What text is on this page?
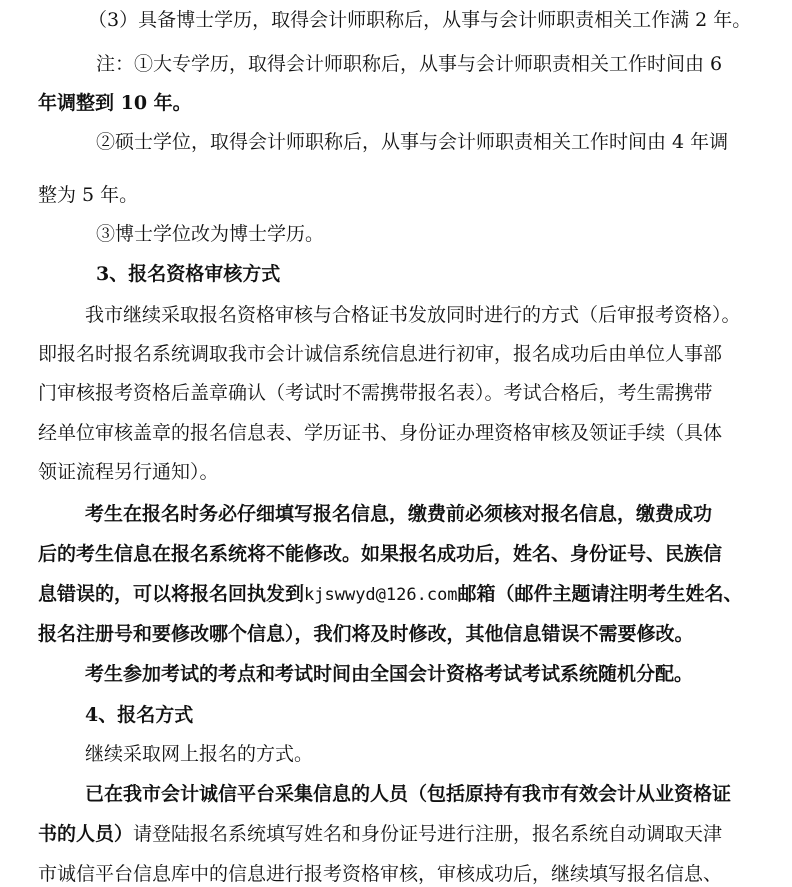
（3）具备博士学历，取得会计师职称后，从事与会计师职责相关工作满 2 年。
注：①大专学历，取得会计师职称后，从事与会计师职责相关工作时间由 6
年调整到 10 年。
②硕士学位，取得会计师职称后，从事与会计师职责相关工作时间由 4 年调
整为 5 年。
③博士学位改为博士学历。
3、报名资格审核方式
我市继续采取报名资格审核与合格证书发放同时进行的方式（后审报考资格）。
即报名时报名系统调取我市会计诚信系统信息进行初审，报名成功后由单位人事部
门审核报考资格后盖章确认（考试时不需携带报名表）。考试合格后，考生需携带
经单位审核盖章的报名信息表、学历证书、身份证办理资格审核及领证手续（具体
领证流程另行通知）。
考生在报名时务必仔细填写报名信息，缴费前必须核对报名信息，缴费成功
后的考生信息在报名系统将不能修改。如果报名成功后，姓名、身份证号、民族信
息错误的，可以将报名回执发到kjswwyd@126.com邮箱（邮件主题请注明考生姓名、
报名注册号和要修改哪个信息），我们将及时修改，其他信息错误不需要修改。
考生参加考试的考点和考试时间由全国会计资格考试考试系统随机分配。
4、报名方式
继续采取网上报名的方式。
已在我市会计诚信平台采集信息的人员（包括原持有我市有效会计从业资格证
书的人员）请登陆报名系统填写姓名和身份证号进行注册，报名系统自动调取天津
市诚信平台信息库中的信息进行报考资格审核，审核成功后，继续填写报名信息、
